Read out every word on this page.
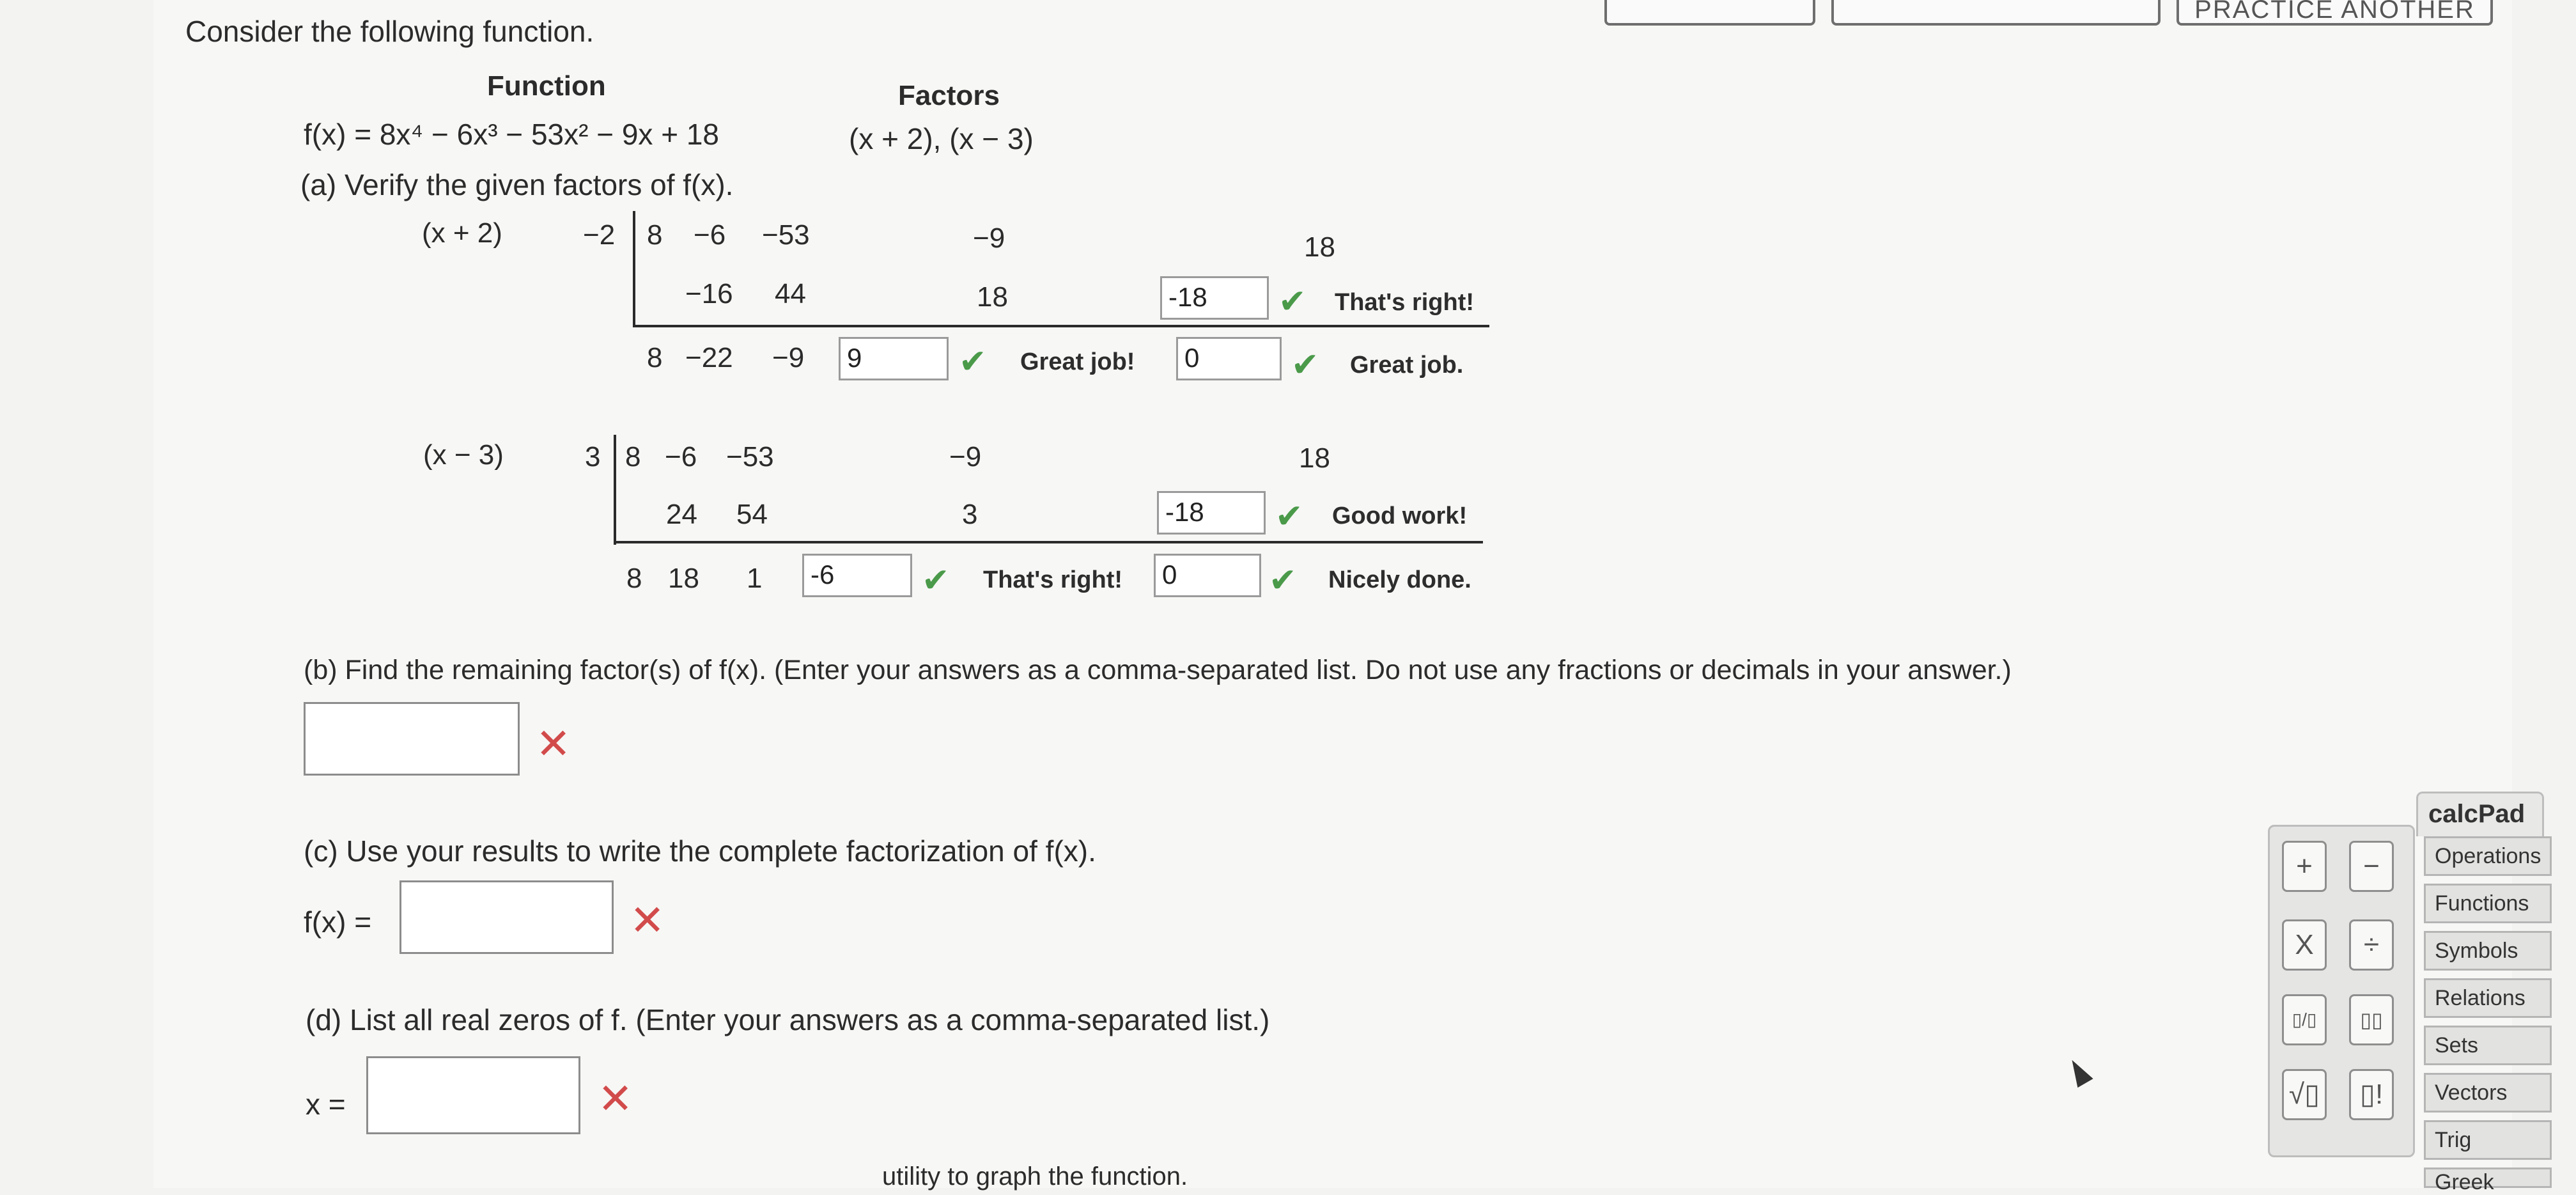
PRACTICE ANOTHER
Consider the following function.
Function	Factors
f(x) = 8x⁴ − 6x³ − 53x² − 9x + 18	(x + 2), (x − 3)
(a) Verify the given factors of f(x).
(x + 2)	−2 8 −6 −53	−9	18
−16 44	18	-18	✔ That's right!
8 −22 −9	9	✔ Great job!	0	✔ Great job.
(x − 3)	3 8 −6 −53	−9	18
24 54	3	-18	✔ Good work!
8 18 1	-6	✔ That's right!	0	✔ Nicely done.
(b) Find the remaining factor(s) of f(x). (Enter your answers as a comma-separated list. Do not use any fractions or decimals in your answer.)
✕
(c) Use your results to write the complete factorization of f(x).
f(x) =	✕
(d) List all real zeros of f. (Enter your answers as a comma-separated list.)
x =	✕
utility to graph the function.
+	−
X	÷
▯/▯	▯▯
√▯	▯!
calcPad
Operations
Functions
Symbols
Relations
Sets
Vectors
Trig
Greek
